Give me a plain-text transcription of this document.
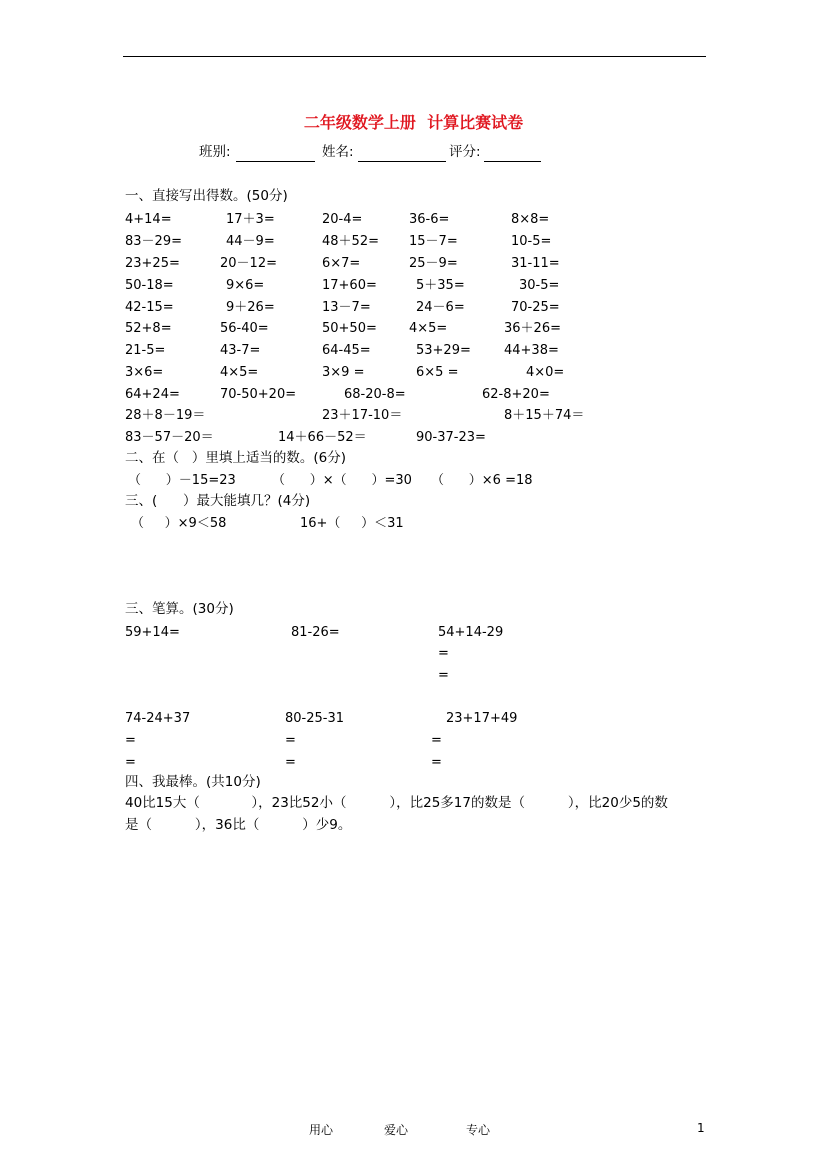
二年级数学上册  计算比赛试卷
班别:	姓名:	评分:
一、直接写出得数。(50分)
4+14=	17＋3=	20-4=	36-6=	8×8=
83－29=	44－9=	48＋52= 15－7=	10-5=
23+25=	20－12=	6×7=	25－9=	31-11=
50-18=	9×6=	17+60=	5＋35=	30-5=
42-15=	9＋26=	13－7=	24－6=	70-25=
52+8=	56-40=	50+50= 4×5=	36＋26=
21-5=	43-7=	64-45=	53+29=	44+38=
3×6=	4×5=	3×9 =	6×5 =	4×0=
64+24=	70-50+20=	68-20-8=	62-8+20=
28＋8－19＝	23＋17-10＝	8＋15＋74＝
83－57－20＝	14＋66－52＝	90-37-23=
二、在（   ）里填上适当的数。(6分)
（      ）－15=23	（      ）×（      ）=30 （      ）×6 =18
三、(      ）最大能填几？(4分)
（     ）×9＜58	16+（     ）＜31
三、笔算。(30分)
59+14=	81-26=	54+14-29
=
=
74-24+37	80-25-31	23+17+49
=	=	=
=	=	=
四、我最棒。(共10分)
40比15大（            ），23比52小（          ），比25多17的数是（          ），比20少5的数
是（          ），36比（          ）少9。
用心	爱心	专心	1
